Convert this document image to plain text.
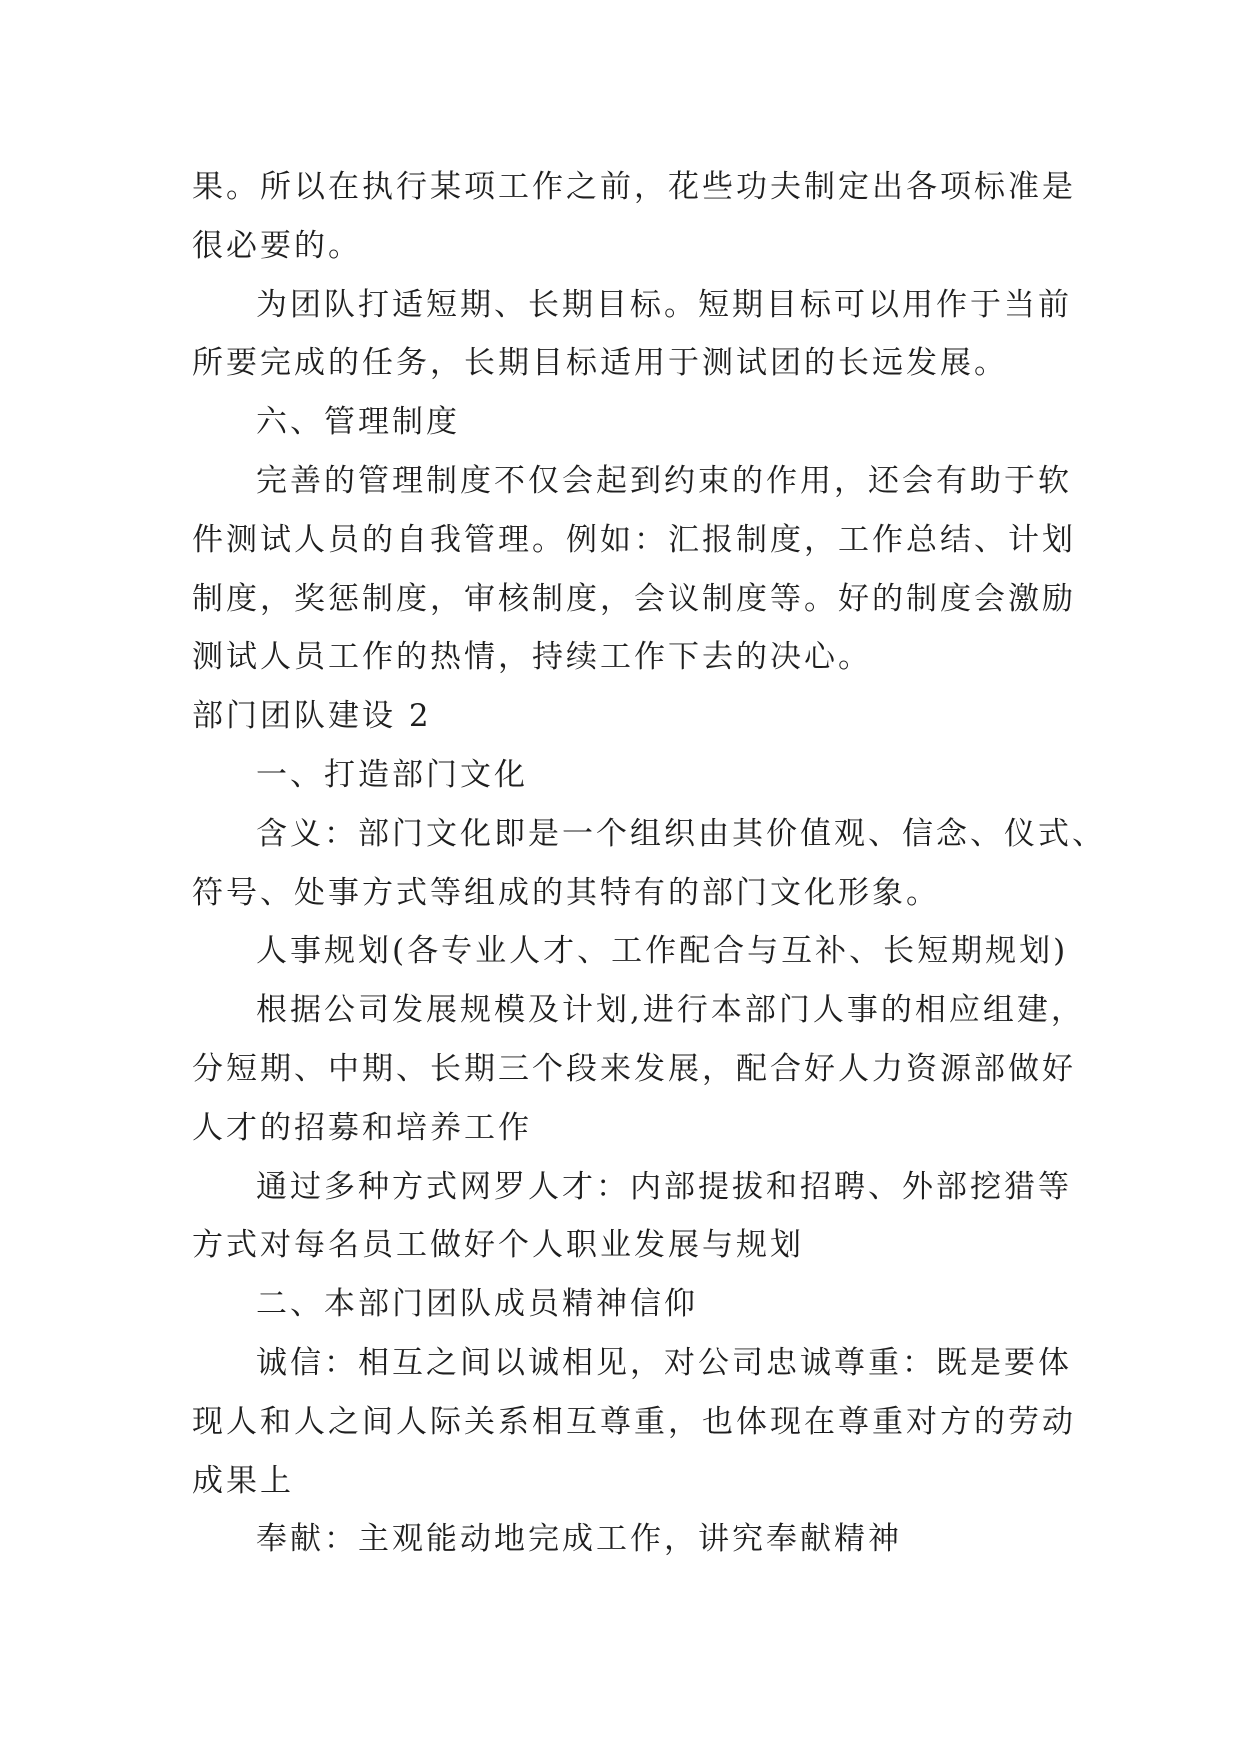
果。所以在执行某项工作之前，花些功夫制定出各项标准是
很必要的。
为团队打适短期、长期目标。短期目标可以用作于当前
所要完成的任务，长期目标适用于测试团的长远发展。
六、管理制度
完善的管理制度不仅会起到约束的作用，还会有助于软
件测试人员的自我管理。例如：汇报制度，工作总结、计划
制度，奖惩制度，审核制度，会议制度等。好的制度会激励
测试人员工作的热情，持续工作下去的决心。
部门团队建设 2
一、打造部门文化
含义：部门文化即是一个组织由其价值观、信念、仪式、
符号、处事方式等组成的其特有的部门文化形象。
人事规划(各专业人才、工作配合与互补、长短期规划)
根据公司发展规模及计划,进行本部门人事的相应组建，
分短期、中期、长期三个段来发展，配合好人力资源部做好
人才的招募和培养工作
通过多种方式网罗人才：内部提拔和招聘、外部挖猎等
方式对每名员工做好个人职业发展与规划
二、本部门团队成员精神信仰
诚信：相互之间以诚相见，对公司忠诚尊重：既是要体
现人和人之间人际关系相互尊重，也体现在尊重对方的劳动
成果上
奉献：主观能动地完成工作，讲究奉献精神
